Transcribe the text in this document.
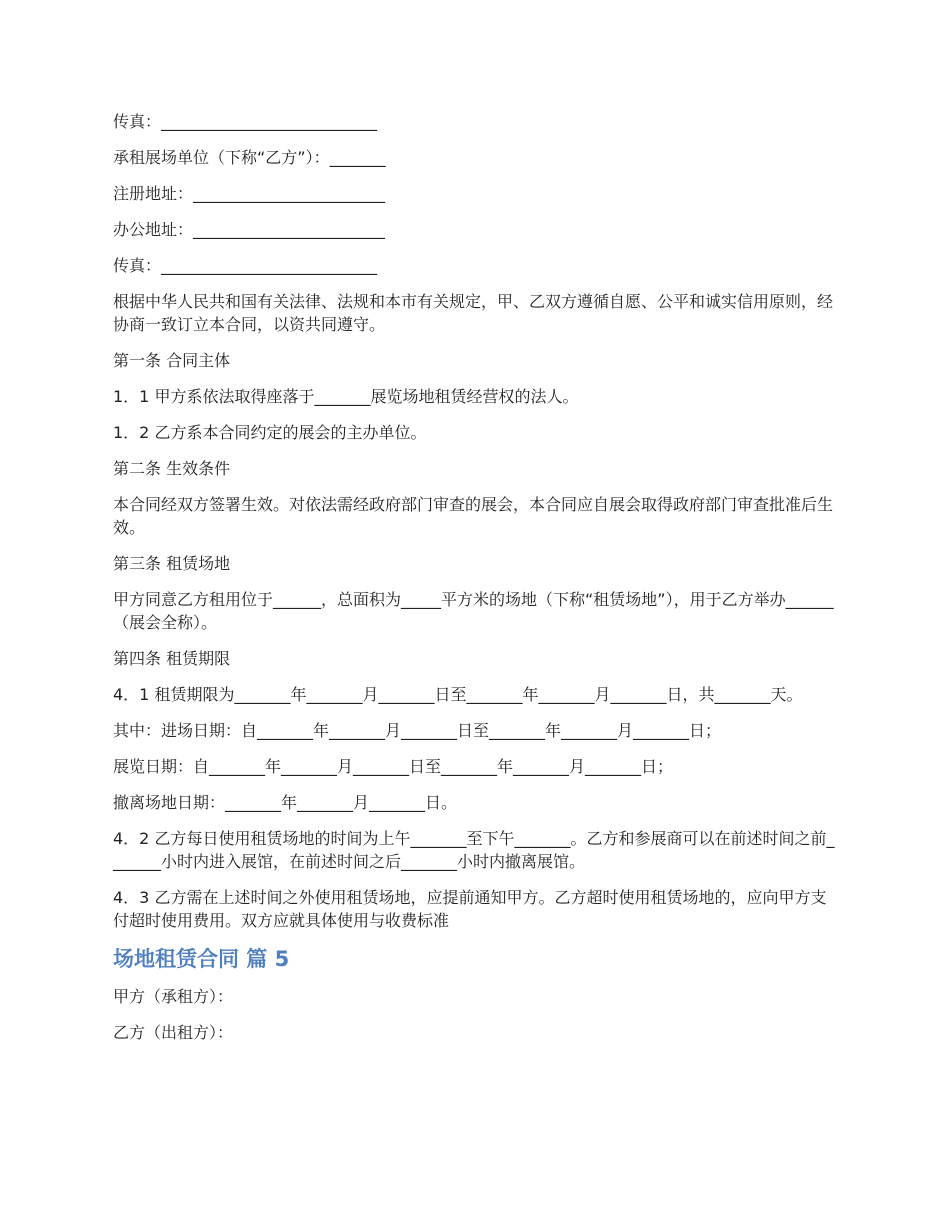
传真：___________________________

承租展场单位（下称“乙方”）：_______

注册地址：________________________

办公地址：________________________

传真：___________________________

根据中华人民共和国有关法律、法规和本市有关规定，甲、乙双方遵循自愿、公平和诚实信用原则，经协商一致订立本合同，以资共同遵守。

第一条 合同主体

1．1 甲方系依法取得座落于_______展览场地租赁经营权的法人。

1．2 乙方系本合同约定的展会的主办单位。

第二条 生效条件

本合同经双方签署生效。对依法需经政府部门审查的展会，本合同应自展会取得政府部门审查批准后生效。

第三条 租赁场地

甲方同意乙方租用位于______，总面积为_____平方米的场地（下称“租赁场地”），用于乙方举办______（展会全称）。

第四条 租赁期限

4．1 租赁期限为_______年_______月_______日至_______年_______月_______日，共_______天。

其中：进场日期：自_______年_______月_______日至_______年_______月_______日；

展览日期：自_______年_______月_______日至_______年_______月_______日；

撤离场地日期：_______年_______月_______日。

4．2 乙方每日使用租赁场地的时间为上午_______至下午_______。乙方和参展商可以在前述时间之前_______小时内进入展馆，在前述时间之后_______小时内撤离展馆。

4．3 乙方需在上述时间之外使用租赁场地，应提前通知甲方。乙方超时使用租赁场地的，应向甲方支付超时使用费用。双方应就具体使用与收费标准

场地租赁合同 篇 5

甲方（承租方）：

乙方（出租方）：
